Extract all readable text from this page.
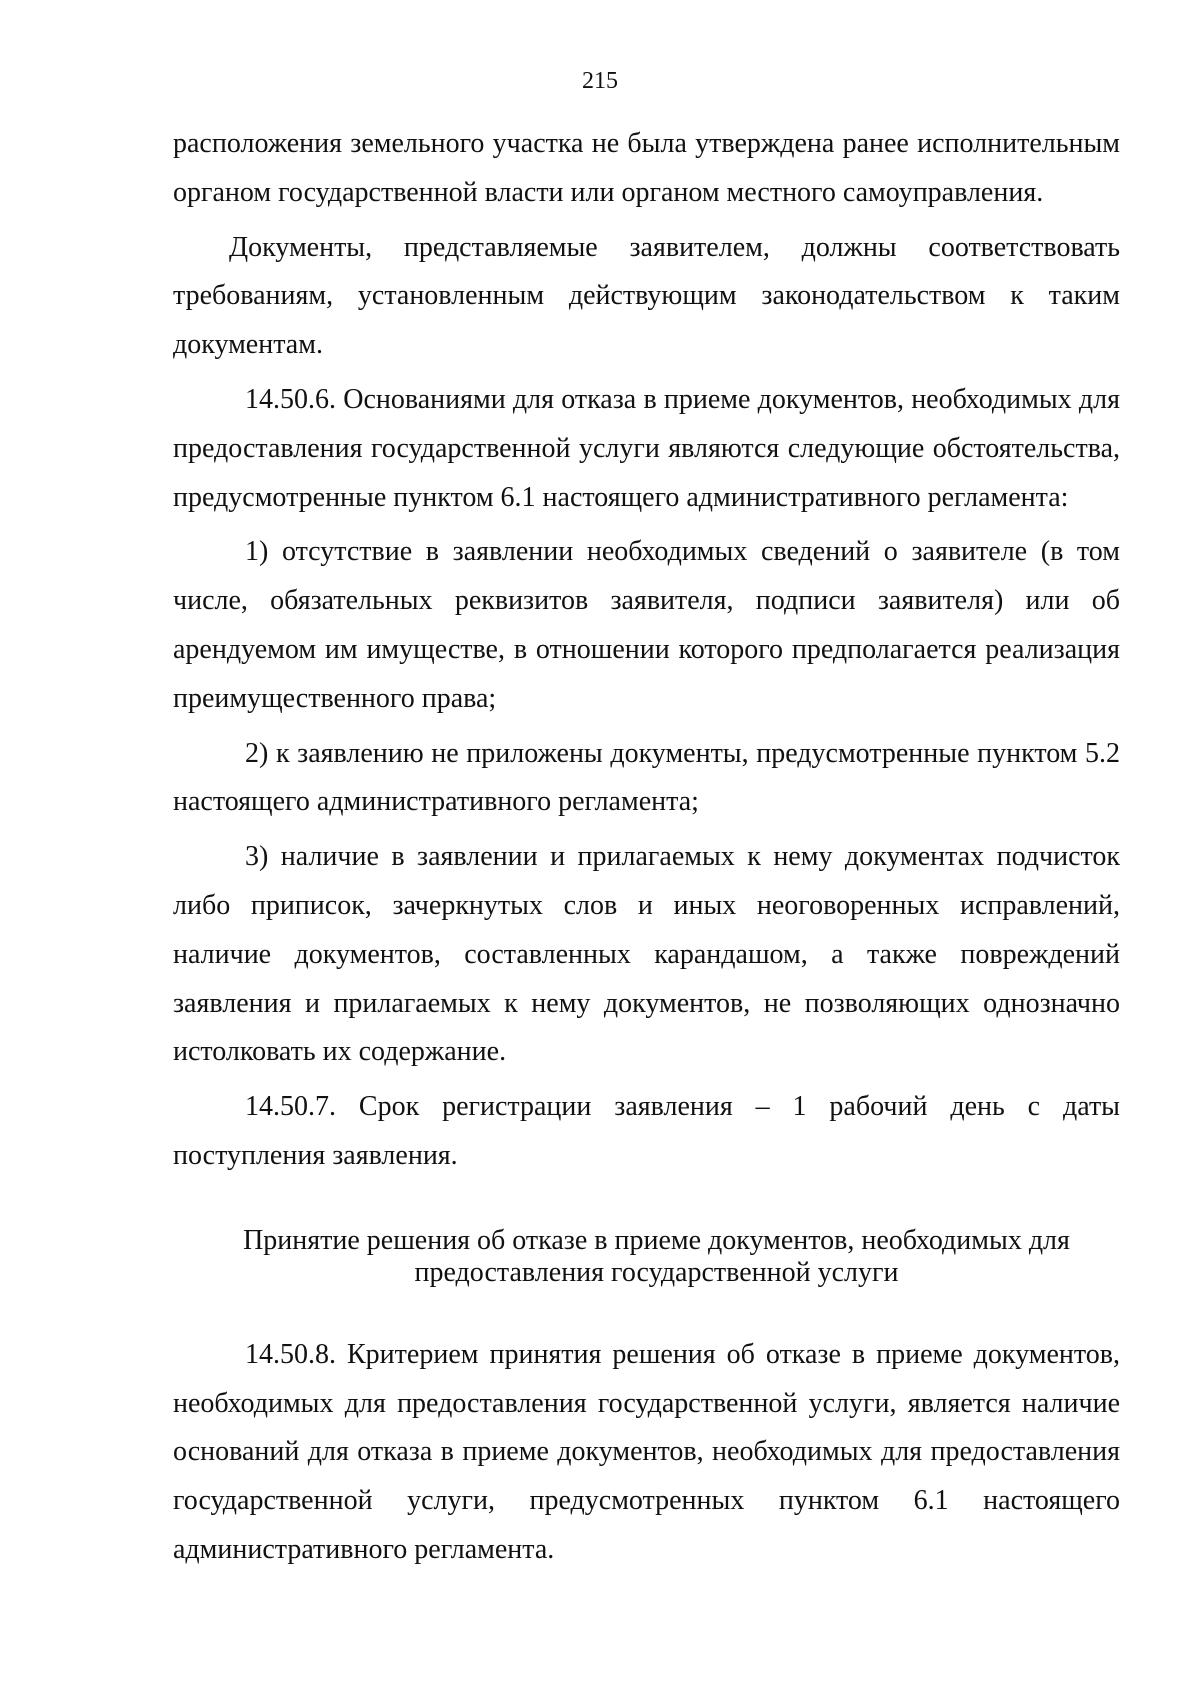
215

расположения земельного участка не была утверждена ранее исполнительным органом государственной власти или органом местного самоуправления.

Документы, представляемые заявителем, должны соответствовать требованиям, установленным действующим законодательством к таким документам.

14.50.6. Основаниями для отказа в приеме документов, необходимых для предоставления государственной услуги являются следующие обстоятельства, предусмотренные пунктом 6.1 настоящего административного регламента:

1) отсутствие в заявлении необходимых сведений о заявителе (в том числе, обязательных реквизитов заявителя, подписи заявителя) или об арендуемом им имуществе, в отношении которого предполагается реализация преимущественного права;

2) к заявлению не приложены документы, предусмотренные пунктом 5.2 настоящего административного регламента;

3) наличие в заявлении и прилагаемых к нему документах подчисток либо приписок, зачеркнутых слов и иных неоговоренных исправлений, наличие документов, составленных карандашом, а также повреждений заявления и прилагаемых к нему документов, не позволяющих однозначно истолковать их содержание.

14.50.7. Срок регистрации заявления – 1 рабочий день с даты поступления заявления.

Принятие решения об отказе в приеме документов, необходимых для
предоставления государственной услуги

14.50.8. Критерием принятия решения об отказе в приеме документов, необходимых для предоставления государственной услуги, является наличие оснований для отказа в приеме документов, необходимых для предоставления государственной услуги, предусмотренных пунктом 6.1 настоящего административного регламента.
